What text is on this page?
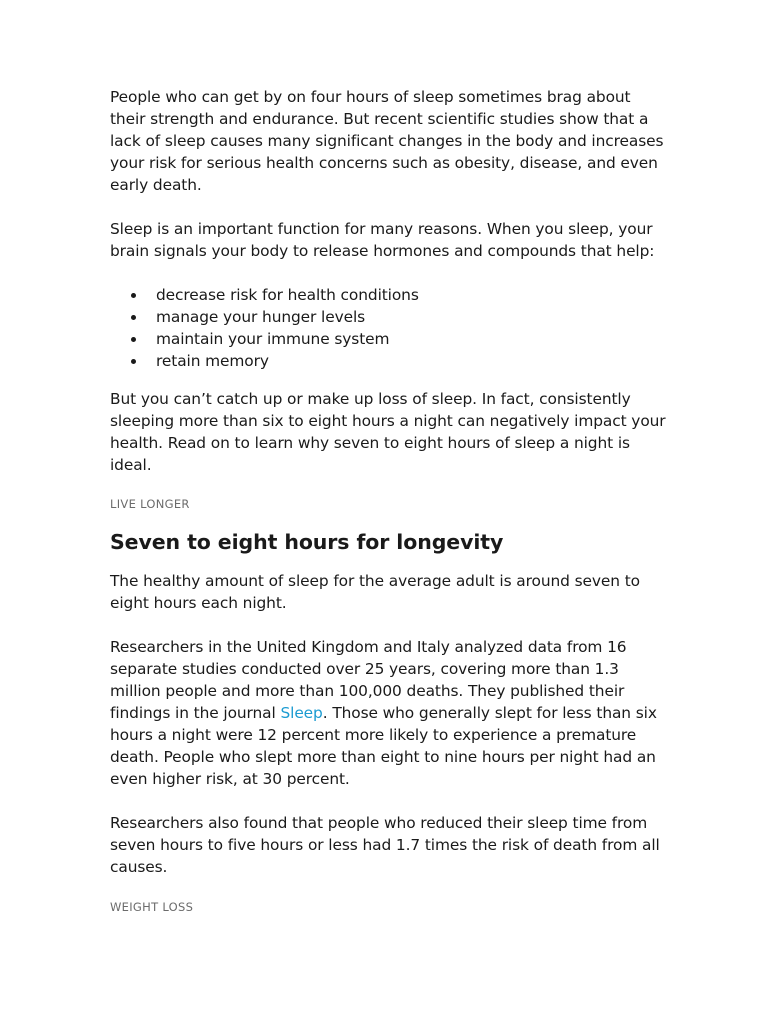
People who can get by on four hours of sleep sometimes brag about their strength and endurance. But recent scientific studies show that a lack of sleep causes many significant changes in the body and increases your risk for serious health concerns such as obesity, disease, and even early death.

Sleep is an important function for many reasons. When you sleep, your brain signals your body to release hormones and compounds that help:

decrease risk for health conditions
manage your hunger levels
maintain your immune system
retain memory

But you can’t catch up or make up loss of sleep. In fact, consistently sleeping more than six to eight hours a night can negatively impact your health. Read on to learn why seven to eight hours of sleep a night is ideal.

LIVE LONGER
Seven to eight hours for longevity

The healthy amount of sleep for the average adult is around seven to eight hours each night.

Researchers in the United Kingdom and Italy analyzed data from 16 separate studies conducted over 25 years, covering more than 1.3 million people and more than 100,000 deaths. They published their findings in the journal Sleep. Those who generally slept for less than six hours a night were 12 percent more likely to experience a premature death. People who slept more than eight to nine hours per night had an even higher risk, at 30 percent.

Researchers also found that people who reduced their sleep time from seven hours to five hours or less had 1.7 times the risk of death from all causes.

WEIGHT LOSS
